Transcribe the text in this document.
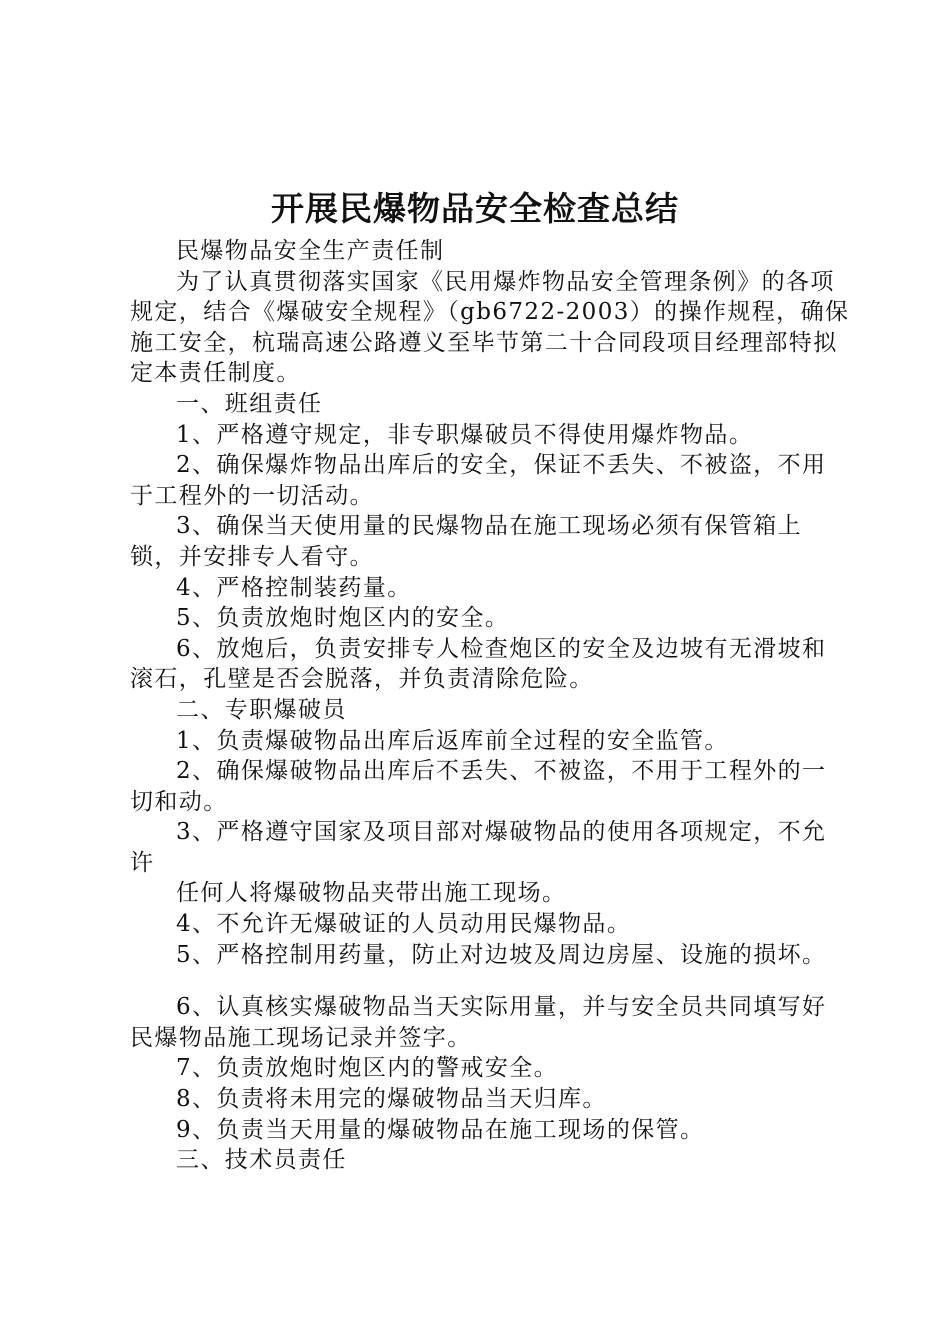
开展民爆物品安全检查总结

民爆物品安全生产责任制

为了认真贯彻落实国家《民用爆炸物品安全管理条例》的各项规定，结合《爆破安全规程》（gb6722-2003）的操作规程，确保施工安全，杭瑞高速公路遵义至毕节第二十合同段项目经理部特拟定本责任制度。

一、班组责任

1、严格遵守规定，非专职爆破员不得使用爆炸物品。

2、确保爆炸物品出库后的安全，保证不丢失、不被盗，不用于工程外的一切活动。

3、确保当天使用量的民爆物品在施工现场必须有保管箱上锁，并安排专人看守。

4、严格控制装药量。

5、负责放炮时炮区内的安全。

6、放炮后，负责安排专人检查炮区的安全及边坡有无滑坡和滚石，孔壁是否会脱落，并负责清除危险。

二、专职爆破员

1、负责爆破物品出库后返库前全过程的安全监管。

2、确保爆破物品出库后不丢失、不被盗，不用于工程外的一切和动。

3、严格遵守国家及项目部对爆破物品的使用各项规定，不允许

任何人将爆破物品夹带出施工现场。

4、不允许无爆破证的人员动用民爆物品。

5、严格控制用药量，防止对边坡及周边房屋、设施的损坏。

6、认真核实爆破物品当天实际用量，并与安全员共同填写好民爆物品施工现场记录并签字。

7、负责放炮时炮区内的警戒安全。

8、负责将未用完的爆破物品当天归库。

9、负责当天用量的爆破物品在施工现场的保管。

三、技术员责任
